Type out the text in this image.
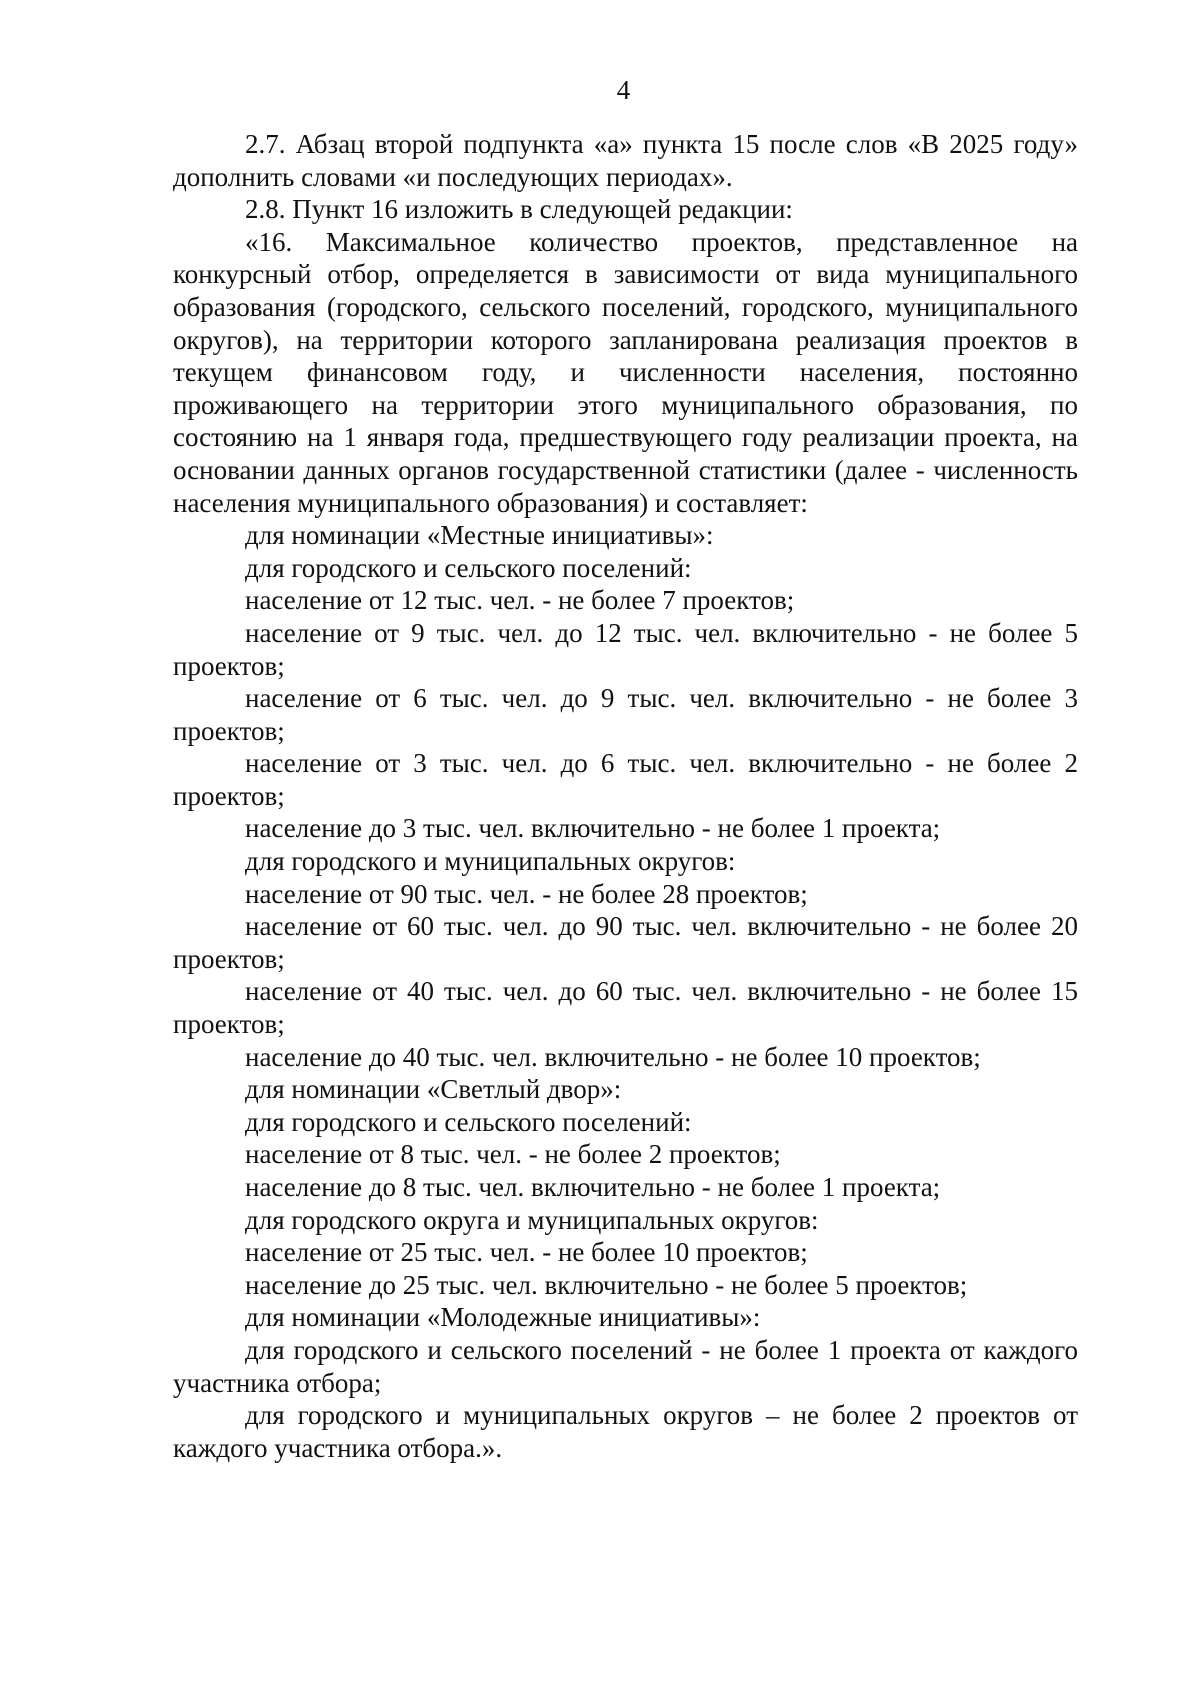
4

2.7. Абзац второй подпункта «а» пункта 15 после слов «В 2025 году» дополнить словами «и последующих периодах».

2.8. Пункт 16 изложить в следующей редакции:

«16. Максимальное количество проектов, представленное на конкурсный отбор, определяется в зависимости от вида муниципального образования (городского, сельского поселений, городского, муниципального округов), на территории которого запланирована реализация проектов в текущем финансовом году, и численности населения, постоянно проживающего на территории этого муниципального образования, по состоянию на 1 января года, предшествующего году реализации проекта, на основании данных органов государственной статистики (далее - численность населения муниципального образования) и составляет:

для номинации «Местные инициативы»:

для городского и сельского поселений:

население от 12 тыс. чел. - не более 7 проектов;

население от 9 тыс. чел. до 12 тыс. чел. включительно - не более 5 проектов;

население от 6 тыс. чел. до 9 тыс. чел. включительно - не более 3 проектов;

население от 3 тыс. чел. до 6 тыс. чел. включительно - не более 2 проектов;

население до 3 тыс. чел. включительно - не более 1 проекта;

для городского и муниципальных округов:

население от 90 тыс. чел. - не более 28 проектов;

население от 60 тыс. чел. до 90 тыс. чел. включительно - не более 20 проектов;

население от 40 тыс. чел. до 60 тыс. чел. включительно - не более 15 проектов;

население до 40 тыс. чел. включительно - не более 10 проектов;

для номинации «Светлый двор»:

для городского и сельского поселений:

население от 8 тыс. чел. - не более 2 проектов;

население до 8 тыс. чел. включительно - не более 1 проекта;

для городского округа и муниципальных округов:

население от 25 тыс. чел. - не более 10 проектов;

население до 25 тыс. чел. включительно - не более 5 проектов;

для номинации «Молодежные инициативы»:

для городского и сельского поселений - не более 1 проекта от каждого участника отбора;

для городского и муниципальных округов – не более 2 проектов от каждого участника отбора.».
